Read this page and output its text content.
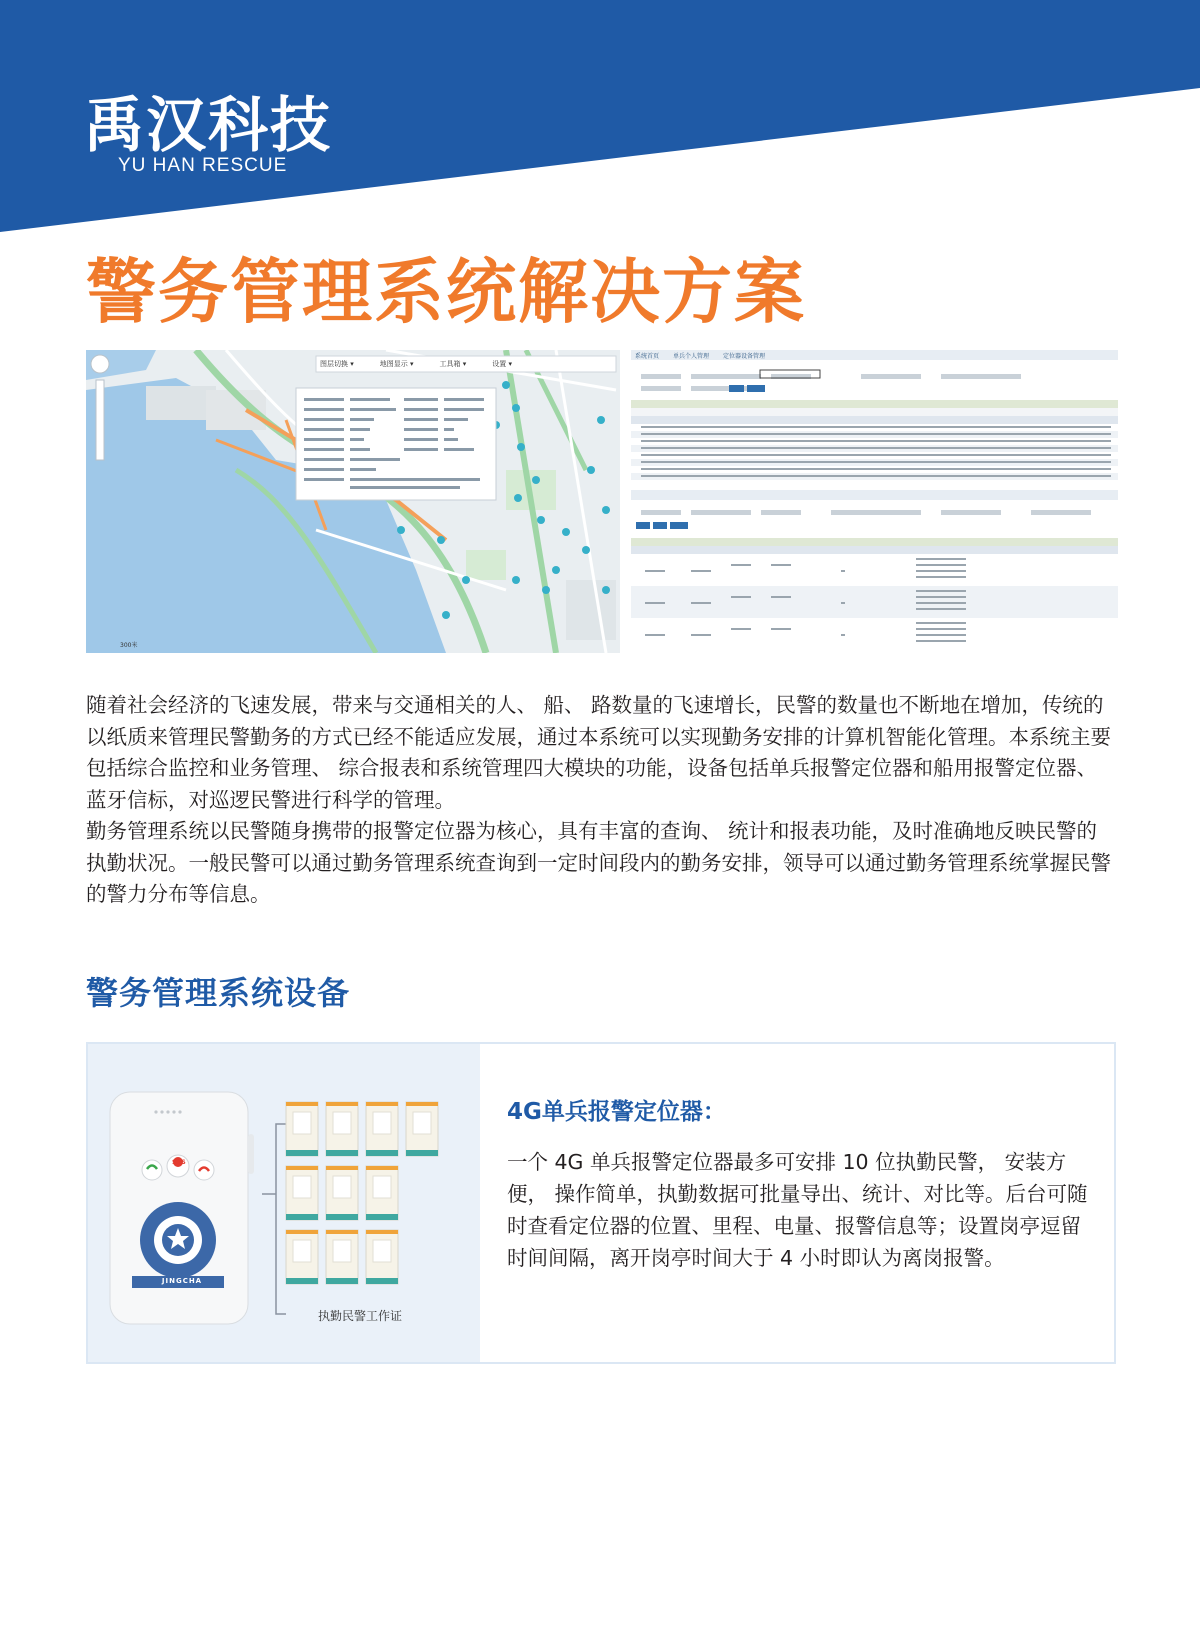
禹汉科技
YU HAN RESCUE
警务管理系统解决方案
图层切换 ▾	地图显示 ▾	工具箱 ▾	设置 ▾
300米
系统首页 单兵个人管理 定位器设备管理

随着社会经济的飞速发展，带来与交通相关的人、 船、 路数量的飞速增长，民警的数量也不断地在增加，传统的以纸质来管理民警勤务的方式已经不能适应发展，通过本系统可以实现勤务安排的计算机智能化管理。本系统主要包括综合监控和业务管理、 综合报表和系统管理四大模块的功能，设备包括单兵报警定位器和船用报警定位器、蓝牙信标，对巡逻民警进行科学的管理。

勤务管理系统以民警随身携带的报警定位器为核心，具有丰富的查询、 统计和报表功能，及时准确地反映民警的执勤状况。一般民警可以通过勤务管理系统查询到一定时间段内的勤务安排，领导可以通过勤务管理系统掌握民警的警力分布等信息。

警务管理系统设备
SOS
JINGCHA
执勤民警工作证
4G单兵报警定位器：
一个 4G 单兵报警定位器最多可安排 10 位执勤民警， 安装方便， 操作简单，执勤数据可批量导出、统计、对比等。后台可随时查看定位器的位置、里程、电量、报警信息等；设置岗亭逗留时间间隔，离开岗亭时间大于 4 小时即认为离岗报警。
